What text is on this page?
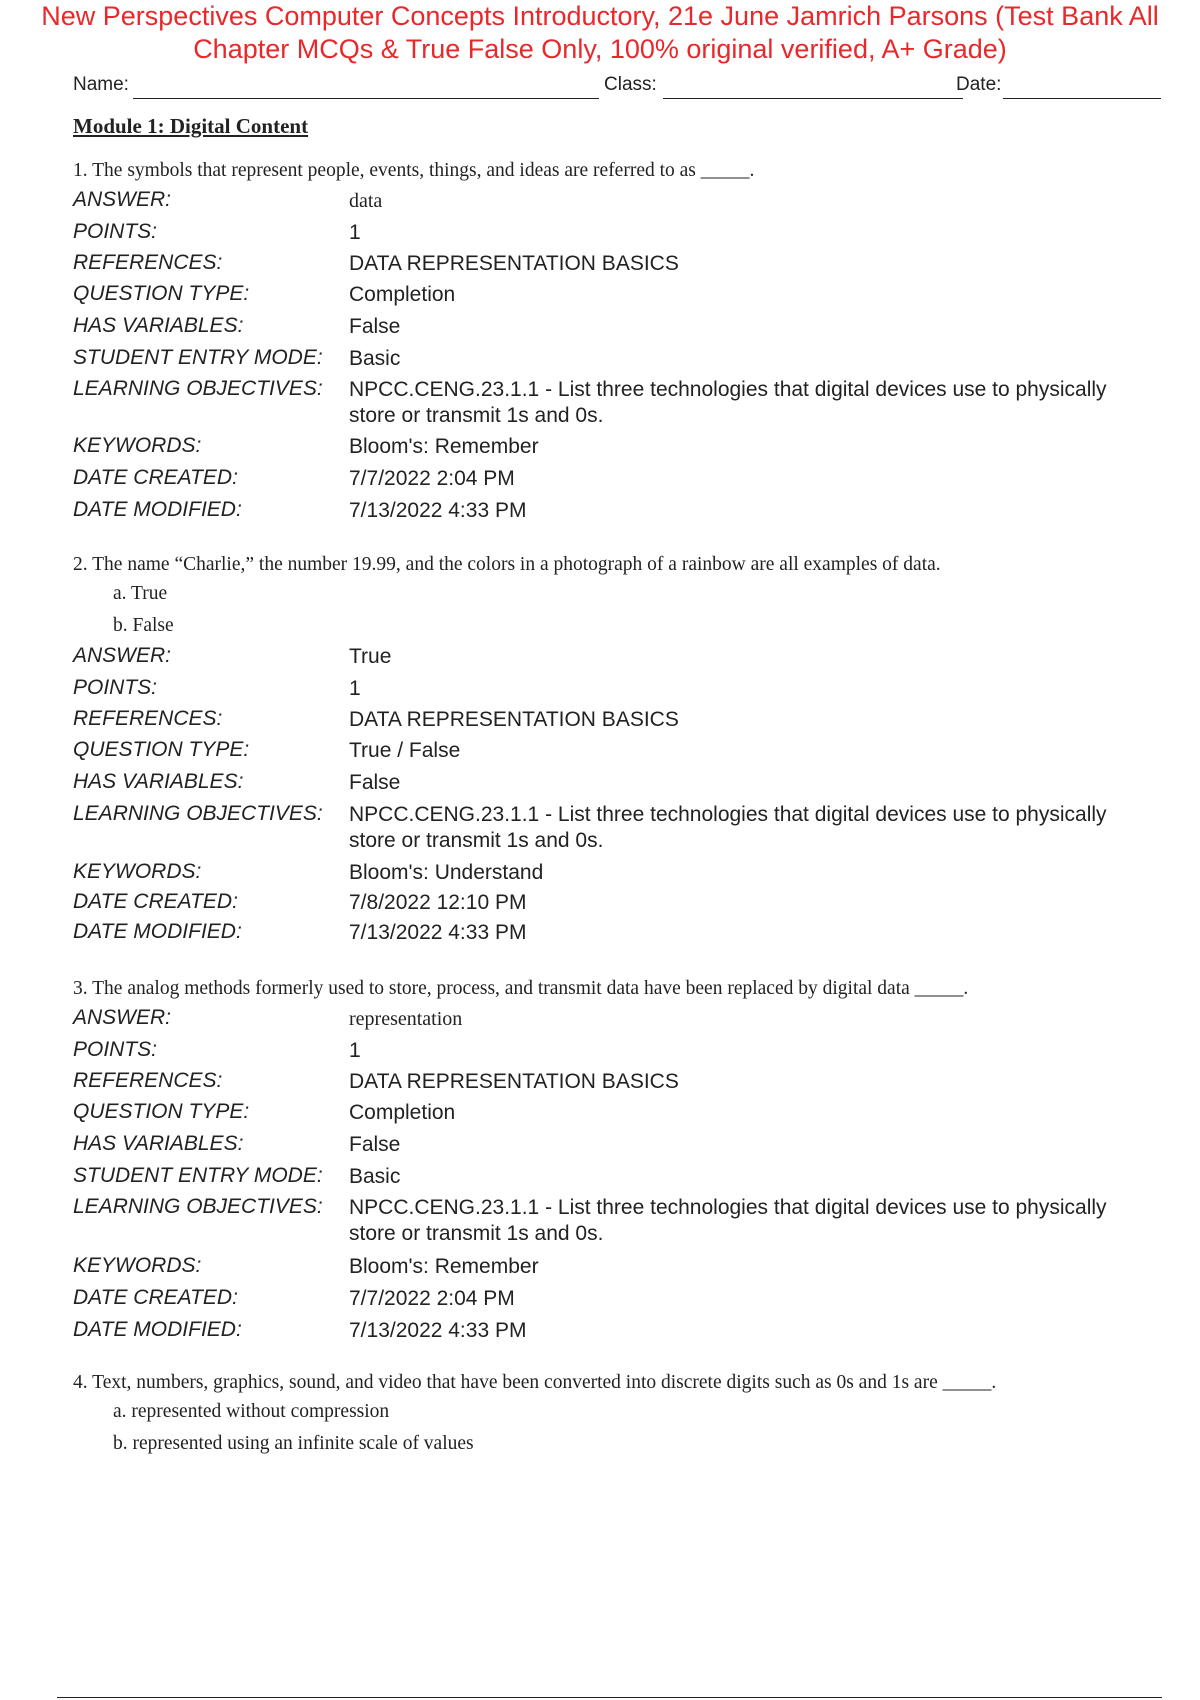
New Perspectives Computer Concepts Introductory, 21e June Jamrich Parsons (Test Bank All
Chapter MCQs & True False Only, 100% original verified, A+ Grade)
Name:	Class:	Date:
Module 1: Digital Content
1. The symbols that represent people, events, things, and ideas are referred to as _____.
ANSWER:	data
POINTS:	1
REFERENCES:	DATA REPRESENTATION BASICS
QUESTION TYPE:	Completion
HAS VARIABLES:	False
STUDENT ENTRY MODE: Basic
LEARNING OBJECTIVES: NPCC.CENG.23.1.1 - List three technologies that digital devices use to physically store or transmit 1s and 0s.
KEYWORDS:	Bloom's: Remember
DATE CREATED:	7/7/2022 2:04 PM
DATE MODIFIED:	7/13/2022 4:33 PM
2. The name “Charlie,” the number 19.99, and the colors in a photograph of a rainbow are all examples of data.
a. True
b. False
ANSWER:	True
POINTS:	1
REFERENCES:	DATA REPRESENTATION BASICS
QUESTION TYPE:	True / False
HAS VARIABLES:	False
LEARNING OBJECTIVES: NPCC.CENG.23.1.1 - List three technologies that digital devices use to physically store or transmit 1s and 0s.
KEYWORDS:	Bloom's: Understand
DATE CREATED:	7/8/2022 12:10 PM
DATE MODIFIED:	7/13/2022 4:33 PM
3. The analog methods formerly used to store, process, and transmit data have been replaced by digital data _____.
ANSWER:	representation
POINTS:	1
REFERENCES:	DATA REPRESENTATION BASICS
QUESTION TYPE:	Completion
HAS VARIABLES:	False
STUDENT ENTRY MODE: Basic
LEARNING OBJECTIVES: NPCC.CENG.23.1.1 - List three technologies that digital devices use to physically store or transmit 1s and 0s.
KEYWORDS:	Bloom's: Remember
DATE CREATED:	7/7/2022 2:04 PM
DATE MODIFIED:	7/13/2022 4:33 PM
4. Text, numbers, graphics, sound, and video that have been converted into discrete digits such as 0s and 1s are _____.
a. represented without compression
b. represented using an infinite scale of values
